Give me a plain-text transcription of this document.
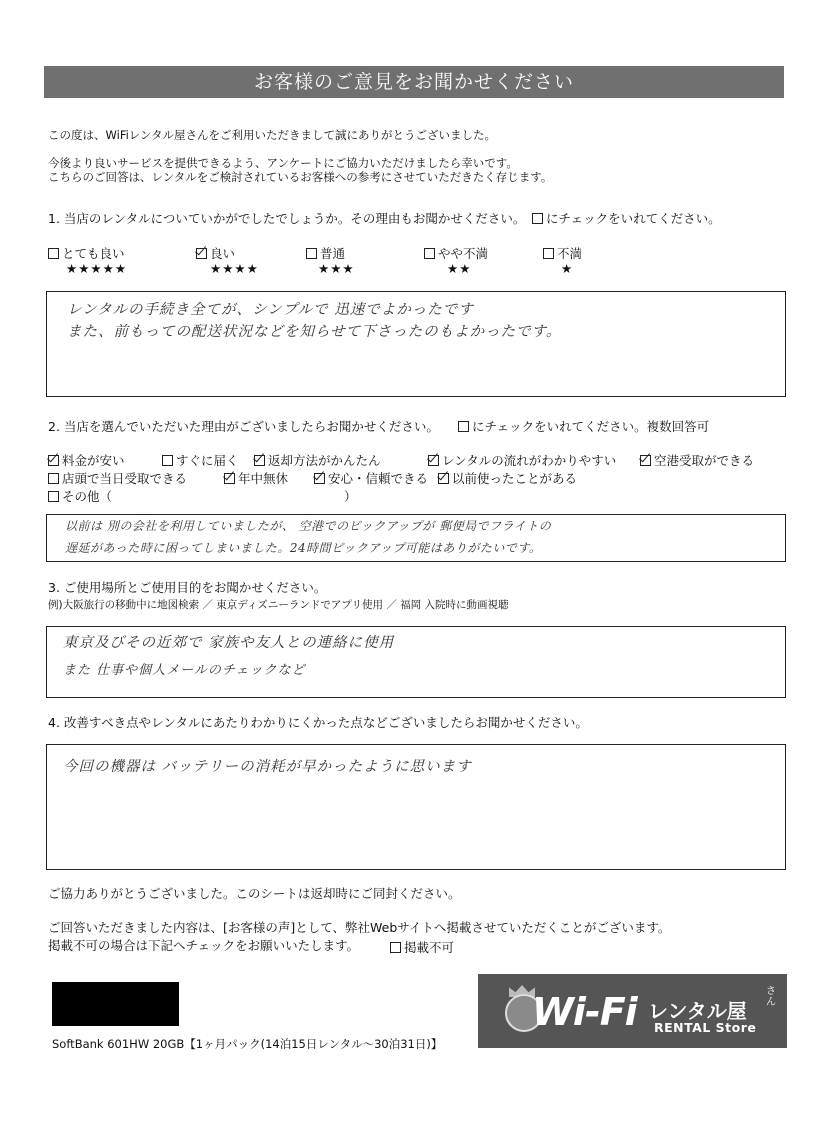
お客様のご意見をお聞かせください
この度は、WiFiレンタル屋さんをご利用いただきまして誠にありがとうございました。
今後より良いサービスを提供できるよう、アンケートにご協力いただけましたら幸いです。
こちらのご回答は、レンタルをご検討されているお客様への参考にさせていただきたく存じます。
1. 当店のレンタルについていかがでしたでしょうか。その理由もお聞かせください。	にチェックをいれてください。
とても良い
★★★★★
良い
★★★★
普通
★★★
やや不満
★★
不満
★
レンタルの手続き全てが、シンプルで 迅速でよかったです
また、前もっての配送状況などを知らせて下さったのもよかったです。
2. 当店を選んでいただいた理由がございましたらお聞かせください。	にチェックをいれてください。複数回答可
料金が安い	すぐに届く	返却方法がかんたん	レンタルの流れがわかりやすい	空港受取ができる
店頭で当日受取できる	年中無休	安心・信頼できる	以前使ったことがある
その他（	）
以前は 別の会社を利用していましたが、 空港でのピックアップが 郵便局でフライトの
遅延があった時に困ってしまいました。24時間ピックアップ可能はありがたいです。
3. ご使用場所とご使用目的をお聞かせください。
例)大阪旅行の移動中に地図検索 ／ 東京ディズニーランドでアプリ使用 ／ 福岡 入院時に動画視聴
東京及びその近郊で 家族や友人との連絡に使用
また 仕事や個人メールのチェックなど
4. 改善すべき点やレンタルにあたりわかりにくかった点などございましたらお聞かせください。
今回の機器は バッテリーの消耗が早かったように思います
ご協力ありがとうございました。このシートは返却時にご同封ください。
ご回答いただきました内容は、[お客様の声]として、弊社Webサイトへ掲載させていただくことがございます。
掲載不可の場合は下記へチェックをお願いいたします。	掲載不可
SoftBank 601HW 20GB【1ヶ月パック(14泊15日レンタル～30泊31日)】
Wi-Fi レンタル屋
さん
RENTAL Store
